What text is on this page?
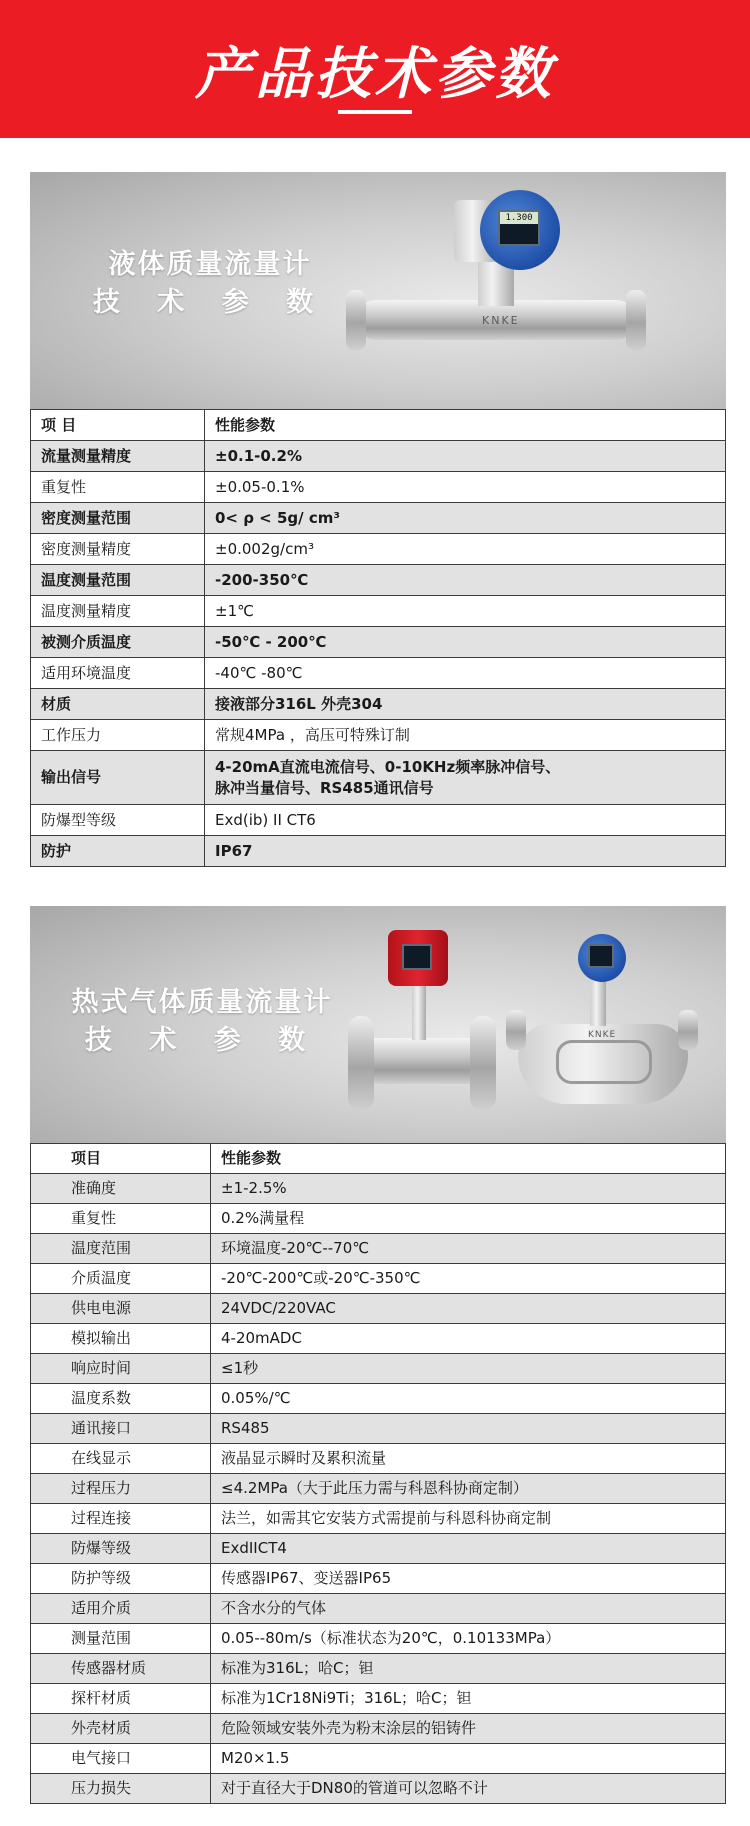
产品技术参数
液体质量流量计
技 术 参 数
1.300
KNKE
项 目	性能参数
流量测量精度	±0.1-0.2%
重复性	±0.05-0.1%
密度测量范围	0< ρ < 5g/ cm³
密度测量精度	±0.002g/cm³
温度测量范围	-200-350℃
温度测量精度	±1℃
被测介质温度	-50℃ - 200℃
适用环境温度	-40℃ -80℃
材质	接液部分316L 外壳304
工作压力	常规4MPa ，高压可特殊订制
输出信号	4-20mA直流电流信号、0-10KHz频率脉冲信号、
脉冲当量信号、RS485通讯信号
防爆型等级	Exd(ib) II CT6
防护	IP67
热式气体质量流量计
技 术 参 数	KNKE
项目	性能参数
准确度	±1-2.5%
重复性	0.2%满量程
温度范围	环境温度-20℃--70℃
介质温度	-20℃-200℃或-20℃-350℃
供电电源	24VDC/220VAC
模拟输出	4-20mADC
响应时间	≤1秒
温度系数	0.05%/℃
通讯接口	RS485
在线显示	液晶显示瞬时及累积流量
过程压力	≤4.2MPa（大于此压力需与科恩科协商定制）
过程连接	法兰，如需其它安装方式需提前与科恩科协商定制
防爆等级	ExdIICT4
防护等级	传感器IP67、变送器IP65
适用介质	不含水分的气体
测量范围	0.05--80m/s（标准状态为20℃，0.10133MPa）
传感器材质	标准为316L；哈C；钽
探杆材质	标准为1Cr18Ni9Ti；316L；哈C；钽
外壳材质	危险领域安装外壳为粉末涂层的铝铸件
电气接口	M20×1.5
压力损失	对于直径大于DN80的管道可以忽略不计
